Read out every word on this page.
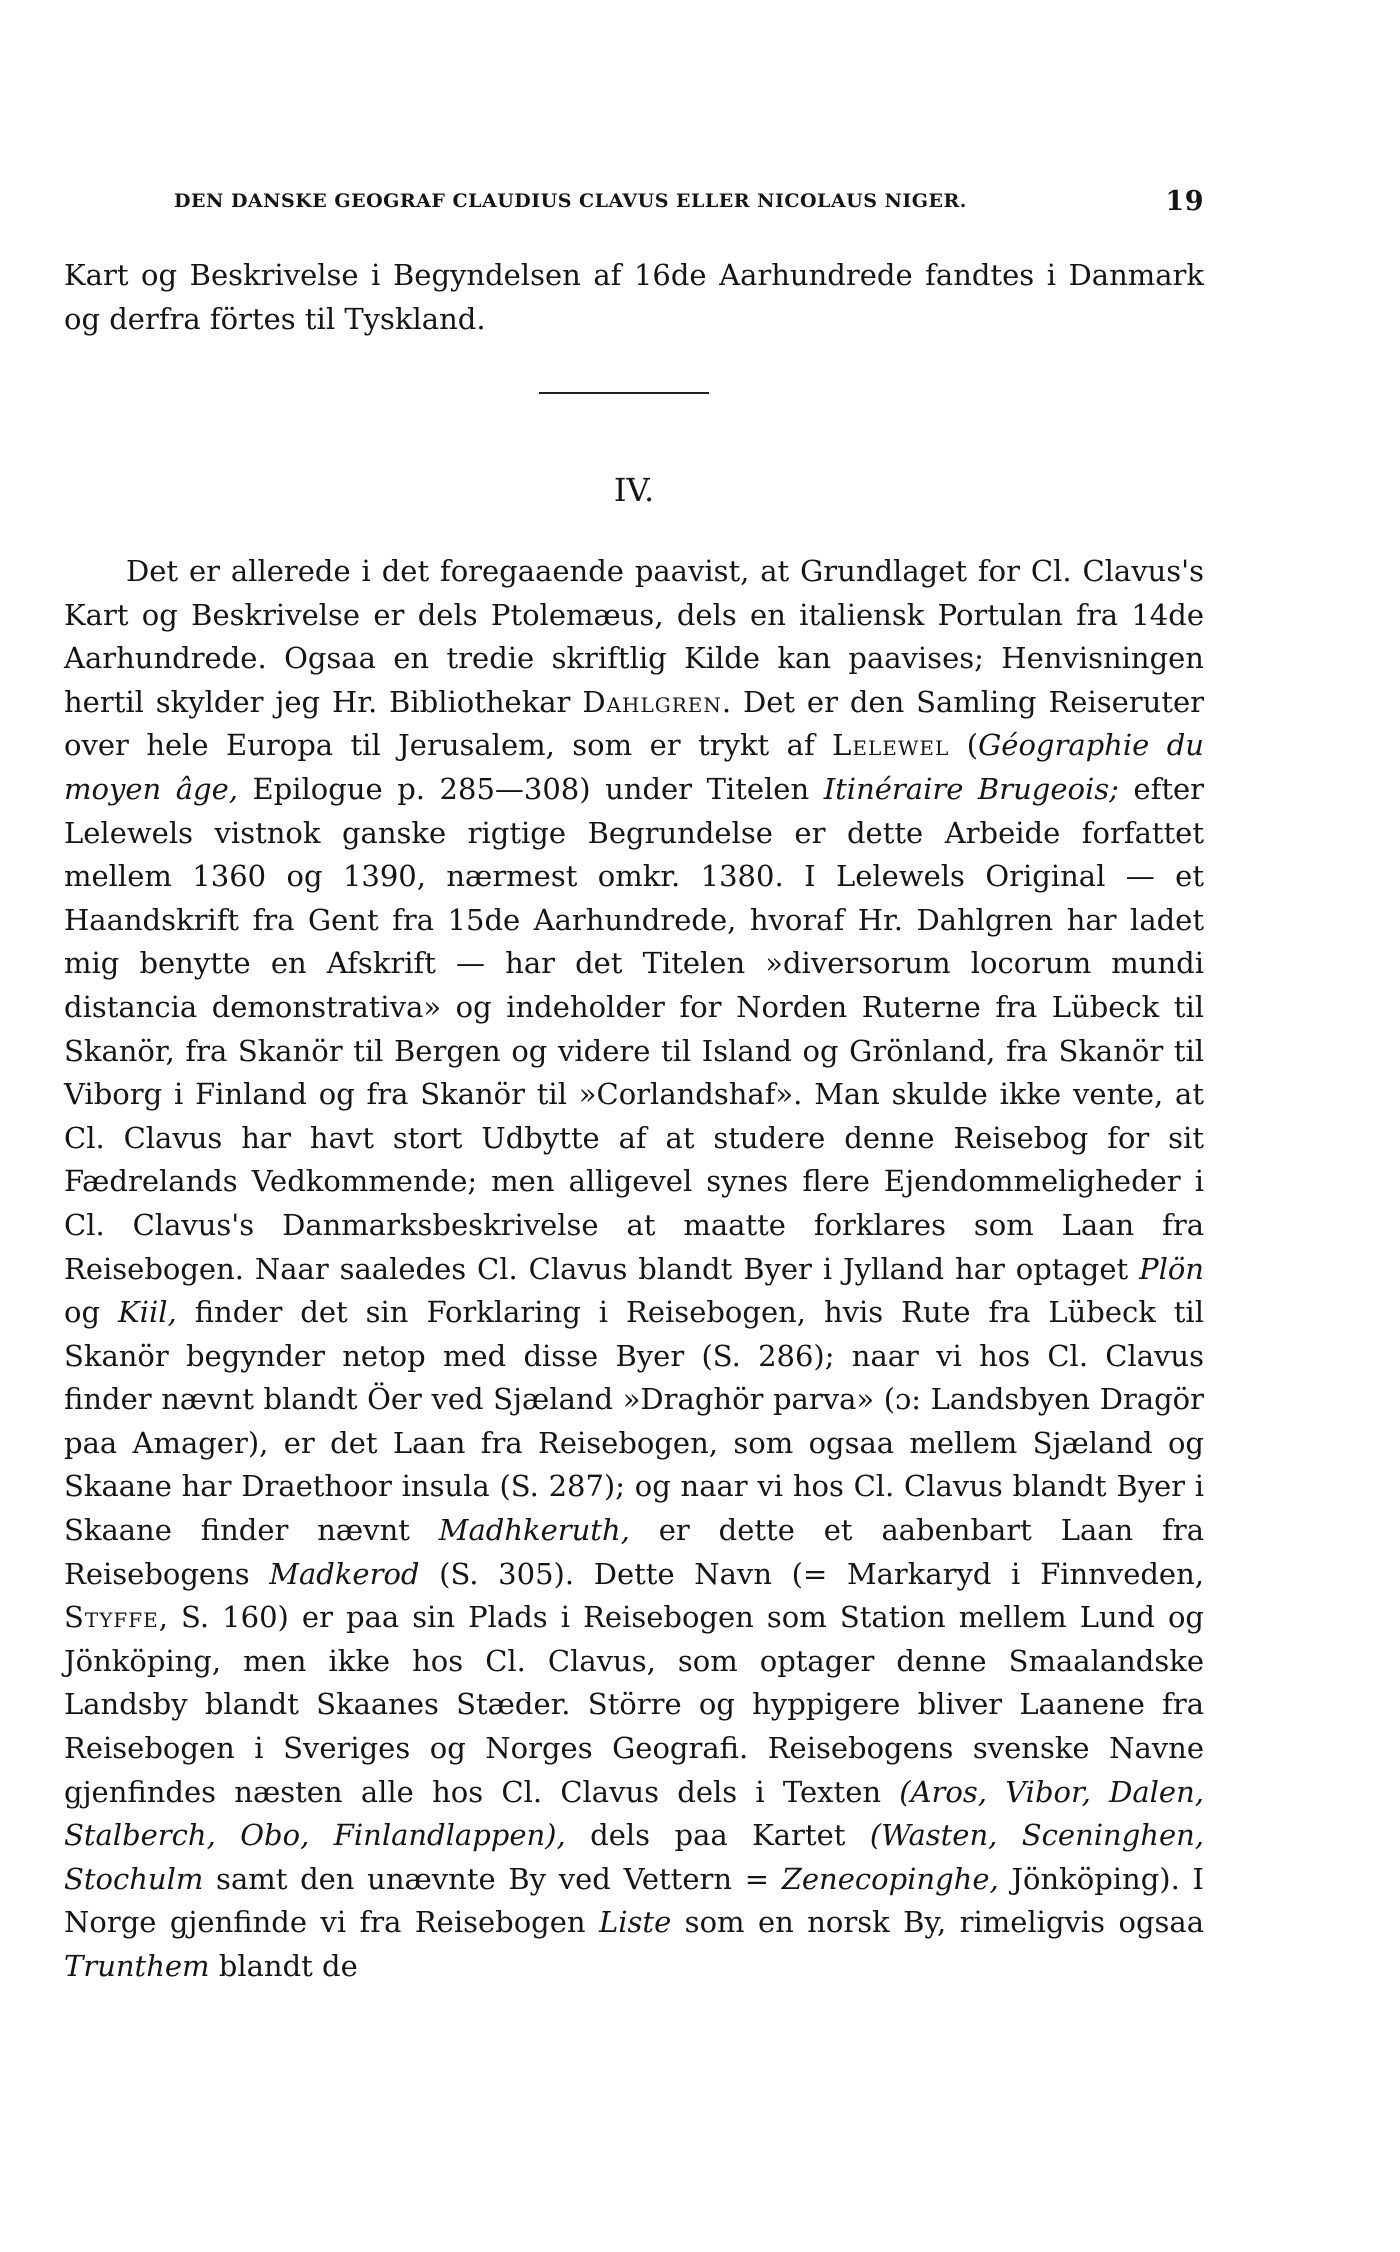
DEN DANSKE GEOGRAF CLAUDIUS CLAVUS ELLER NICOLAUS NIGER.	19

Kart og Beskrivelse i Begyndelsen af 16de Aarhundrede fandtes i Danmark og derfra förtes til Tyskland.

IV.

Det er allerede i det foregaaende paavist, at Grundlaget for Cl. Clavus's Kart og Beskrivelse er dels Ptolemæus, dels en italiensk Portulan fra 14de Aarhundrede. Ogsaa en tredie skriftlig Kilde kan paavises; Henvisningen hertil skylder jeg Hr. Bibliothekar Dahlgren. Det er den Samling Reiseruter over hele Europa til Jerusalem, som er trykt af Lelewel (Géographie du moyen âge, Epilogue p. 285—308) under Titelen Itinéraire Brugeois; efter Lelewels vistnok ganske rigtige Begrundelse er dette Arbeide forfattet mellem 1360 og 1390, nærmest omkr. 1380. I Lelewels Original — et Haandskrift fra Gent fra 15de Aarhundrede, hvoraf Hr. Dahlgren har ladet mig benytte en Afskrift — har det Titelen »diversorum locorum mundi distancia demonstrativa» og indeholder for Norden Ruterne fra Lübeck til Skanör, fra Skanör til Bergen og videre til Island og Grönland, fra Skanör til Viborg i Finland og fra Skanör til »Corlandshaf». Man skulde ikke vente, at Cl. Clavus har havt stort Udbytte af at studere denne Reisebog for sit Fædrelands Vedkommende; men alligevel synes flere Ejendommeligheder i Cl. Clavus's Danmarksbeskrivelse at maatte forklares som Laan fra Reisebogen. Naar saaledes Cl. Clavus blandt Byer i Jylland har optaget Plön og Kiil, finder det sin Forklaring i Reisebogen, hvis Rute fra Lübeck til Skanör begynder netop med disse Byer (S. 286); naar vi hos Cl. Clavus finder nævnt blandt Öer ved Sjæland »Draghör parva» (ɔ: Landsbyen Dragör paa Amager), er det Laan fra Reisebogen, som ogsaa mellem Sjæland og Skaane har Draethoor insula (S. 287); og naar vi hos Cl. Clavus blandt Byer i Skaane finder nævnt Madhkeruth, er dette et aabenbart Laan fra Reisebogens Madkerod (S. 305). Dette Navn (= Markaryd i Finnveden, Styffe, S. 160) er paa sin Plads i Reisebogen som Station mellem Lund og Jönköping, men ikke hos Cl. Clavus, som optager denne Smaalandske Landsby blandt Skaanes Stæder. Större og hyppigere bliver Laanene fra Reisebogen i Sveriges og Norges Geografi. Reisebogens svenske Navne gjenfindes næsten alle hos Cl. Clavus dels i Texten (Aros, Vibor, Dalen, Stalberch, Obo, Finlandlappen), dels paa Kartet (Wasten, Sceninghen, Stochulm samt den unævnte By ved Vettern = Zenecopinghe, Jönköping). I Norge gjenfinde vi fra Reisebogen Liste som en norsk By, rimeligvis ogsaa Trunthem blandt de
